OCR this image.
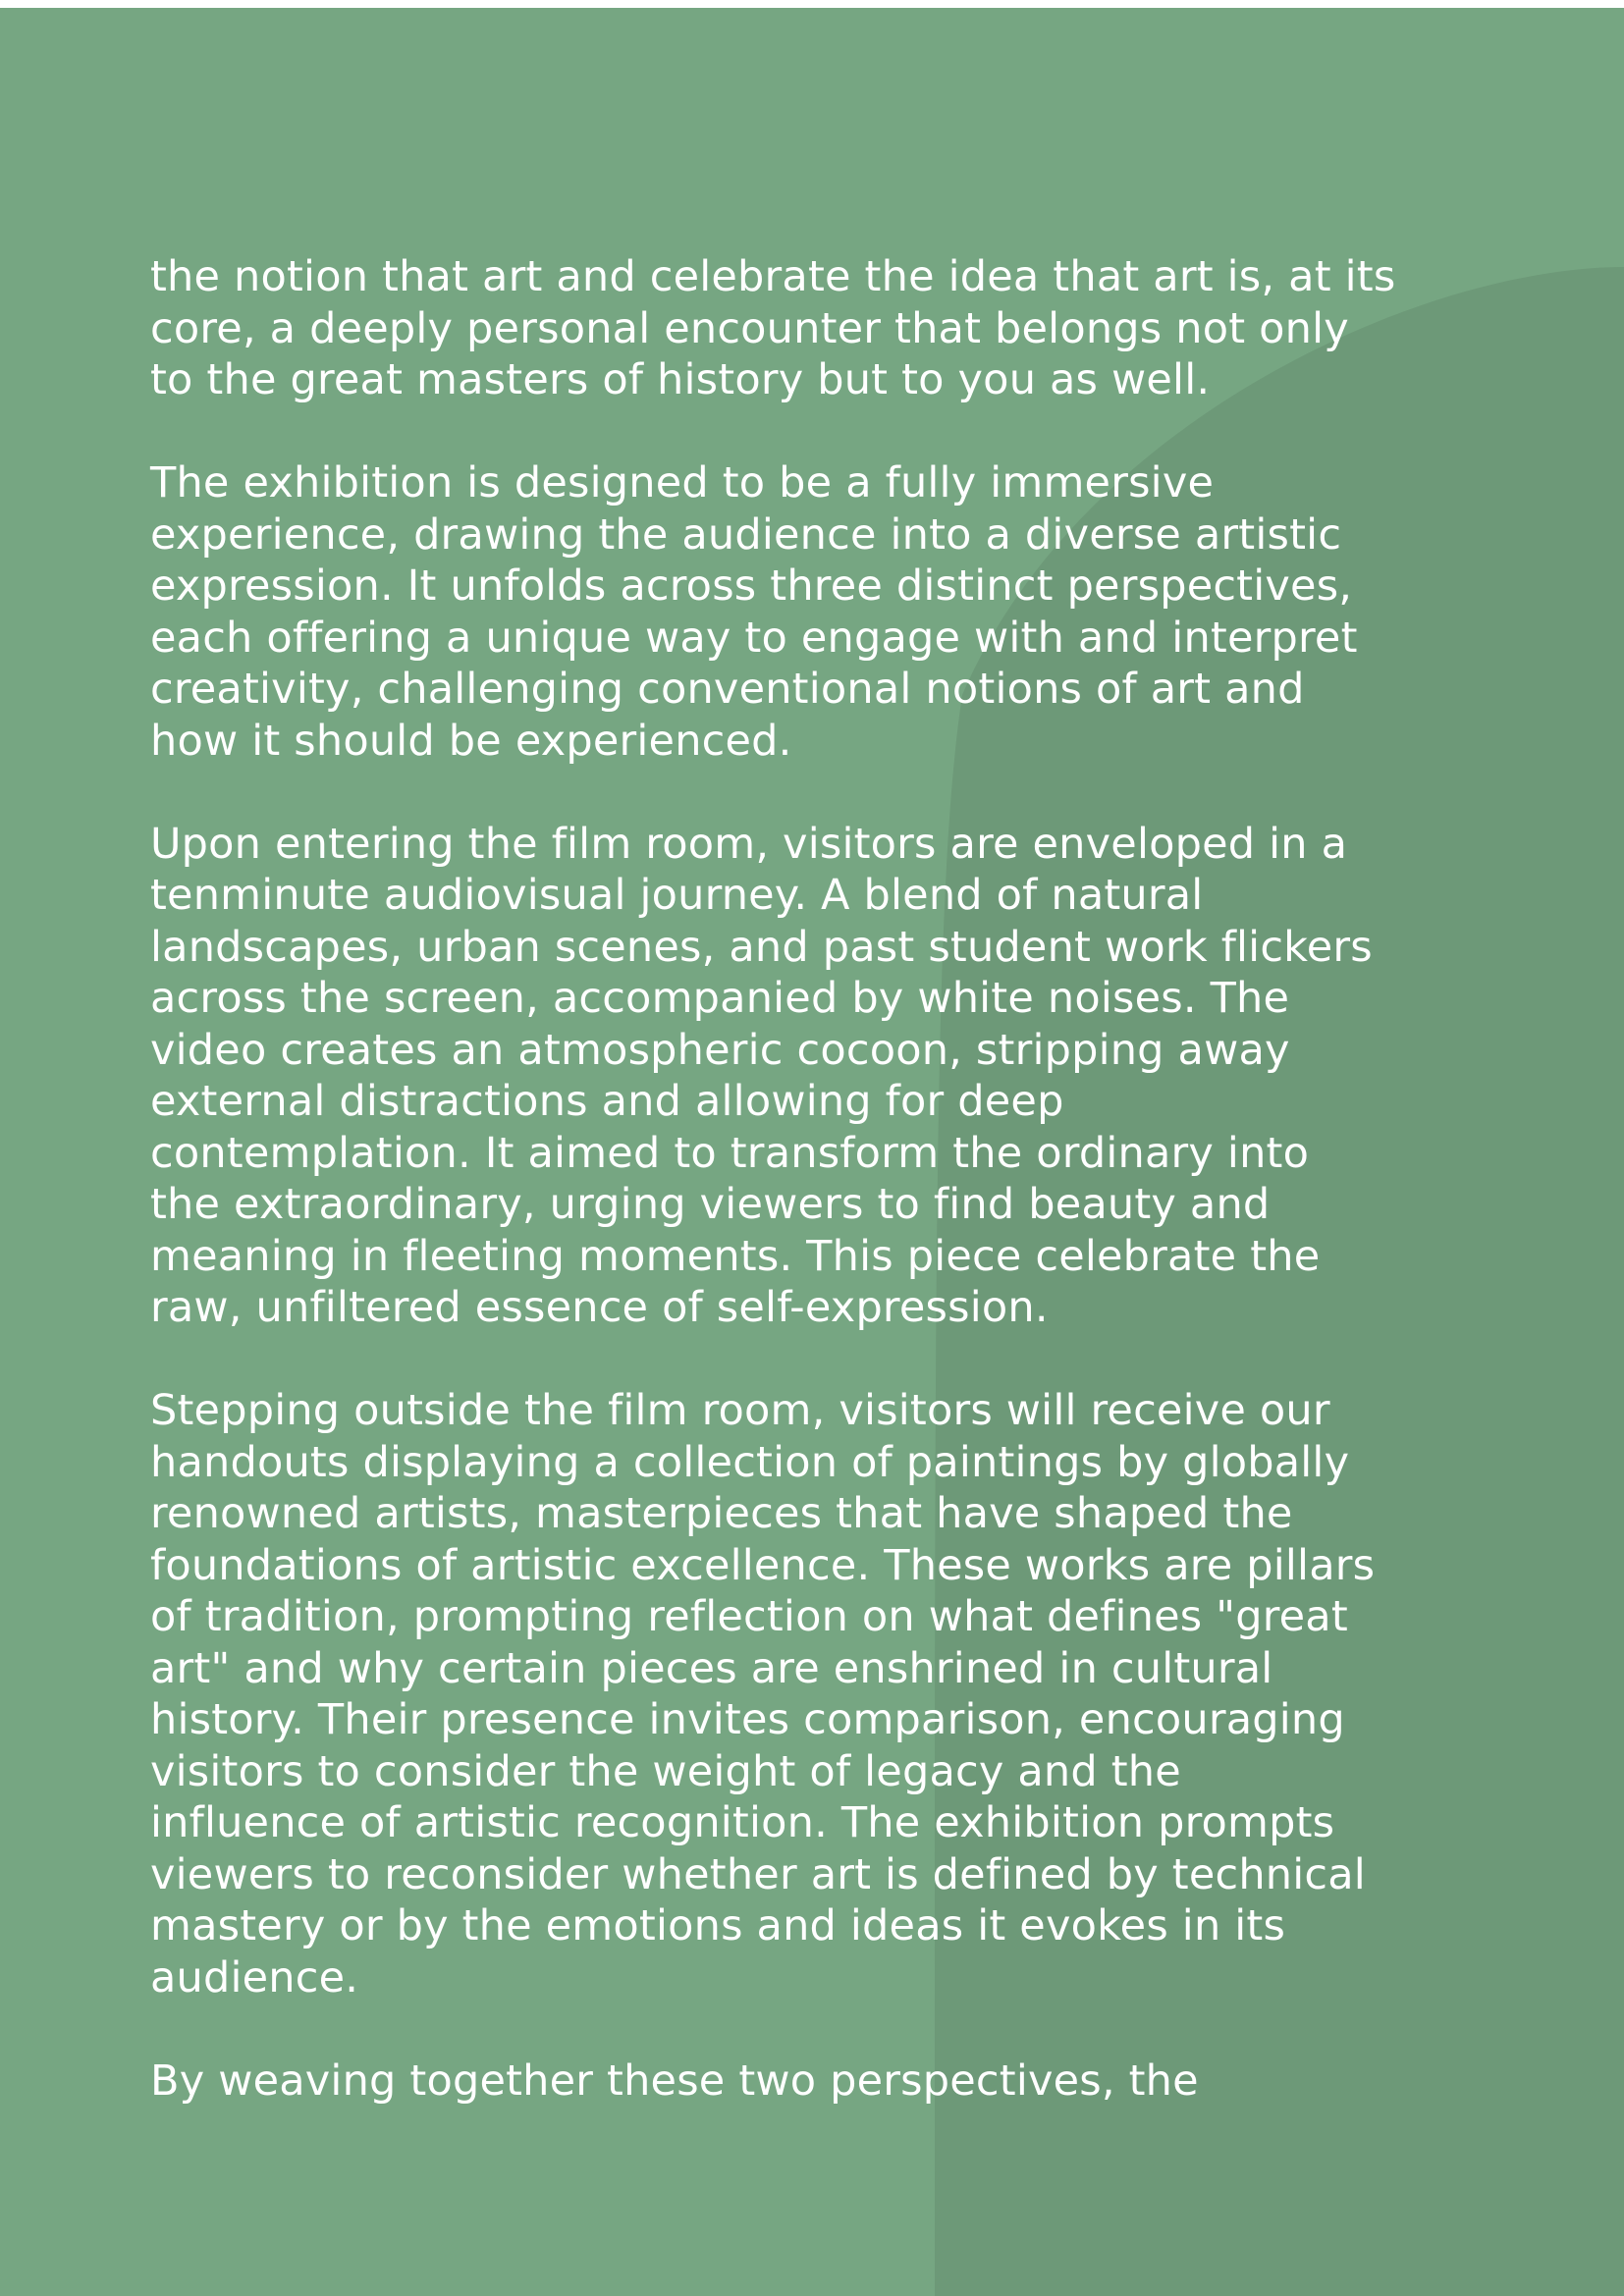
the notion that art and celebrate the idea that art is, at its
core, a deeply personal encounter that belongs not only
to the great masters of history but to you as well.

The exhibition is designed to be a fully immersive
experience, drawing the audience into a diverse artistic
expression. It unfolds across three distinct perspectives,
each offering a unique way to engage with and interpret
creativity, challenging conventional notions of art and
how it should be experienced.

Upon entering the film room, visitors are enveloped in a
tenminute audiovisual journey. A blend of natural
landscapes, urban scenes, and past student work flickers
across the screen, accompanied by white noises. The
video creates an atmospheric cocoon, stripping away
external distractions and allowing for deep
contemplation. It aimed to transform the ordinary into
the extraordinary, urging viewers to find beauty and
meaning in fleeting moments. This piece celebrate the
raw, unfiltered essence of self-expression.

Stepping outside the film room, visitors will receive our
handouts displaying a collection of paintings by globally
renowned artists, masterpieces that have shaped the
foundations of artistic excellence. These works are pillars
of tradition, prompting reflection on what defines "great
art" and why certain pieces are enshrined in cultural
history. Their presence invites comparison, encouraging
visitors to consider the weight of legacy and the
influence of artistic recognition. The exhibition prompts
viewers to reconsider whether art is defined by technical
mastery or by the emotions and ideas it evokes in its
audience.

By weaving together these two perspectives, the
